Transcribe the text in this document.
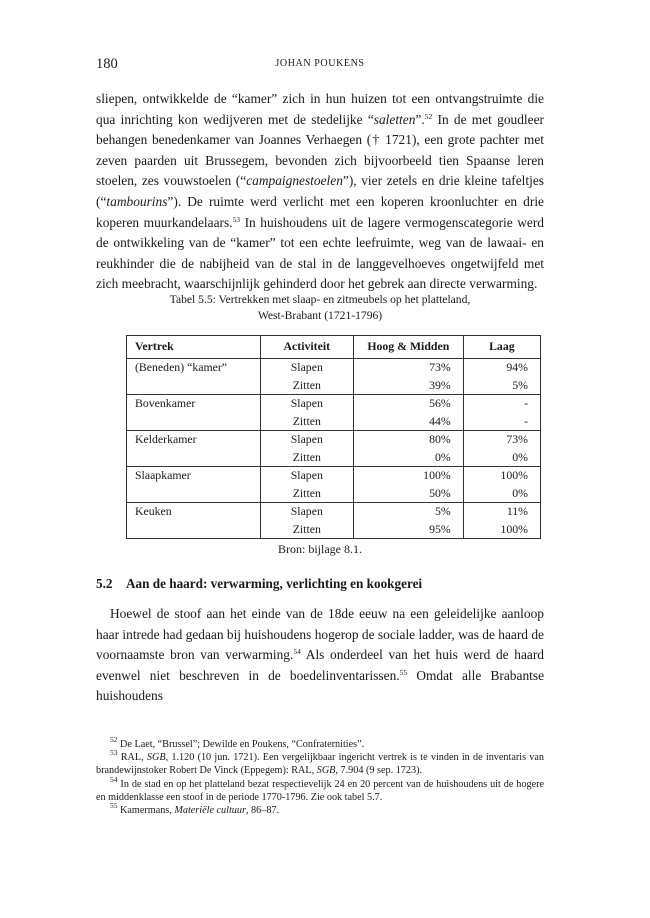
180	JOHAN POUKENS
sliepen, ontwikkelde de “kamer” zich in hun huizen tot een ontvangstruimte die qua inrichting kon wedijveren met de stedelijke “saletten”.$^{52}$ In de met goudleer behangen benedenkamer van Joannes Verhaegen († 1721), een grote pachter met zeven paarden uit Brussegem, bevonden zich bijvoorbeeld tien Spaanse leren stoelen, zes vouwstoelen (“campaignestoelen”), vier zetels en drie kleine tafeltjes (“tambourins”). De ruimte werd verlicht met een koperen kroonluchter en drie koperen muurkandelaars.$^{53}$ In huishoudens uit de lagere vermogenscategorie werd de ontwikkeling van de “kamer” tot een echte leefruimte, weg van de lawaai- en reukhinder die de nabijheid van de stal in de langgevelhoeves ongetwijfeld met zich meebracht, waarschijnlijk gehinderd door het gebrek aan directe verwarming.
Tabel 5.5: Vertrekken met slaap- en zitmeubels op het platteland,
West-Brabant (1721-1796)
Vertrek	Activiteit	Hoog & Midden	Laag
(Beneden) “kamer”	Slapen	73%	94%
	Zitten	39%	5%
Bovenkamer	Slapen	56%	-
	Zitten	44%	-
Kelderkamer	Slapen	80%	73%
	Zitten	0%	0%
Slaapkamer	Slapen	100%	100%
	Zitten	50%	0%
Keuken	Slapen	5%	11%
	Zitten	95%	100%
Bron: bijlage 8.1.
5.2 Aan de haard: verwarming, verlichting en kookgerei
Hoewel de stoof aan het einde van de 18de eeuw na een geleidelijke aanloop haar intrede had gedaan bij huishoudens hogerop de sociale ladder, was de haard de voornaamste bron van verwarming.$^{54}$ Als onderdeel van het huis werd de haard evenwel niet beschreven in de boedelinventarissen.$^{55}$ Omdat alle Brabantse huishoudens

$^{52}$ De Laet, “Brussel”; Dewilde en Poukens, “Confraternities”.

$^{53}$ RAL, SGB, 1.120 (10 jun. 1721). Een vergelijkbaar ingericht vertrek is te vinden in de inventaris van brandewijnstoker Robert De Vinck (Eppegem): RAL, SGB, 7.904 (9 sep. 1723).

$^{54}$ In de stad en op het platteland bezat respectievelijk 24 en 20 percent van de huishoudens uit de hogere en middenklasse een stoof in de periode 1770-1796. Zie ook tabel 5.7.

$^{55}$ Kamermans, Materiële cultuur, 86–87.
